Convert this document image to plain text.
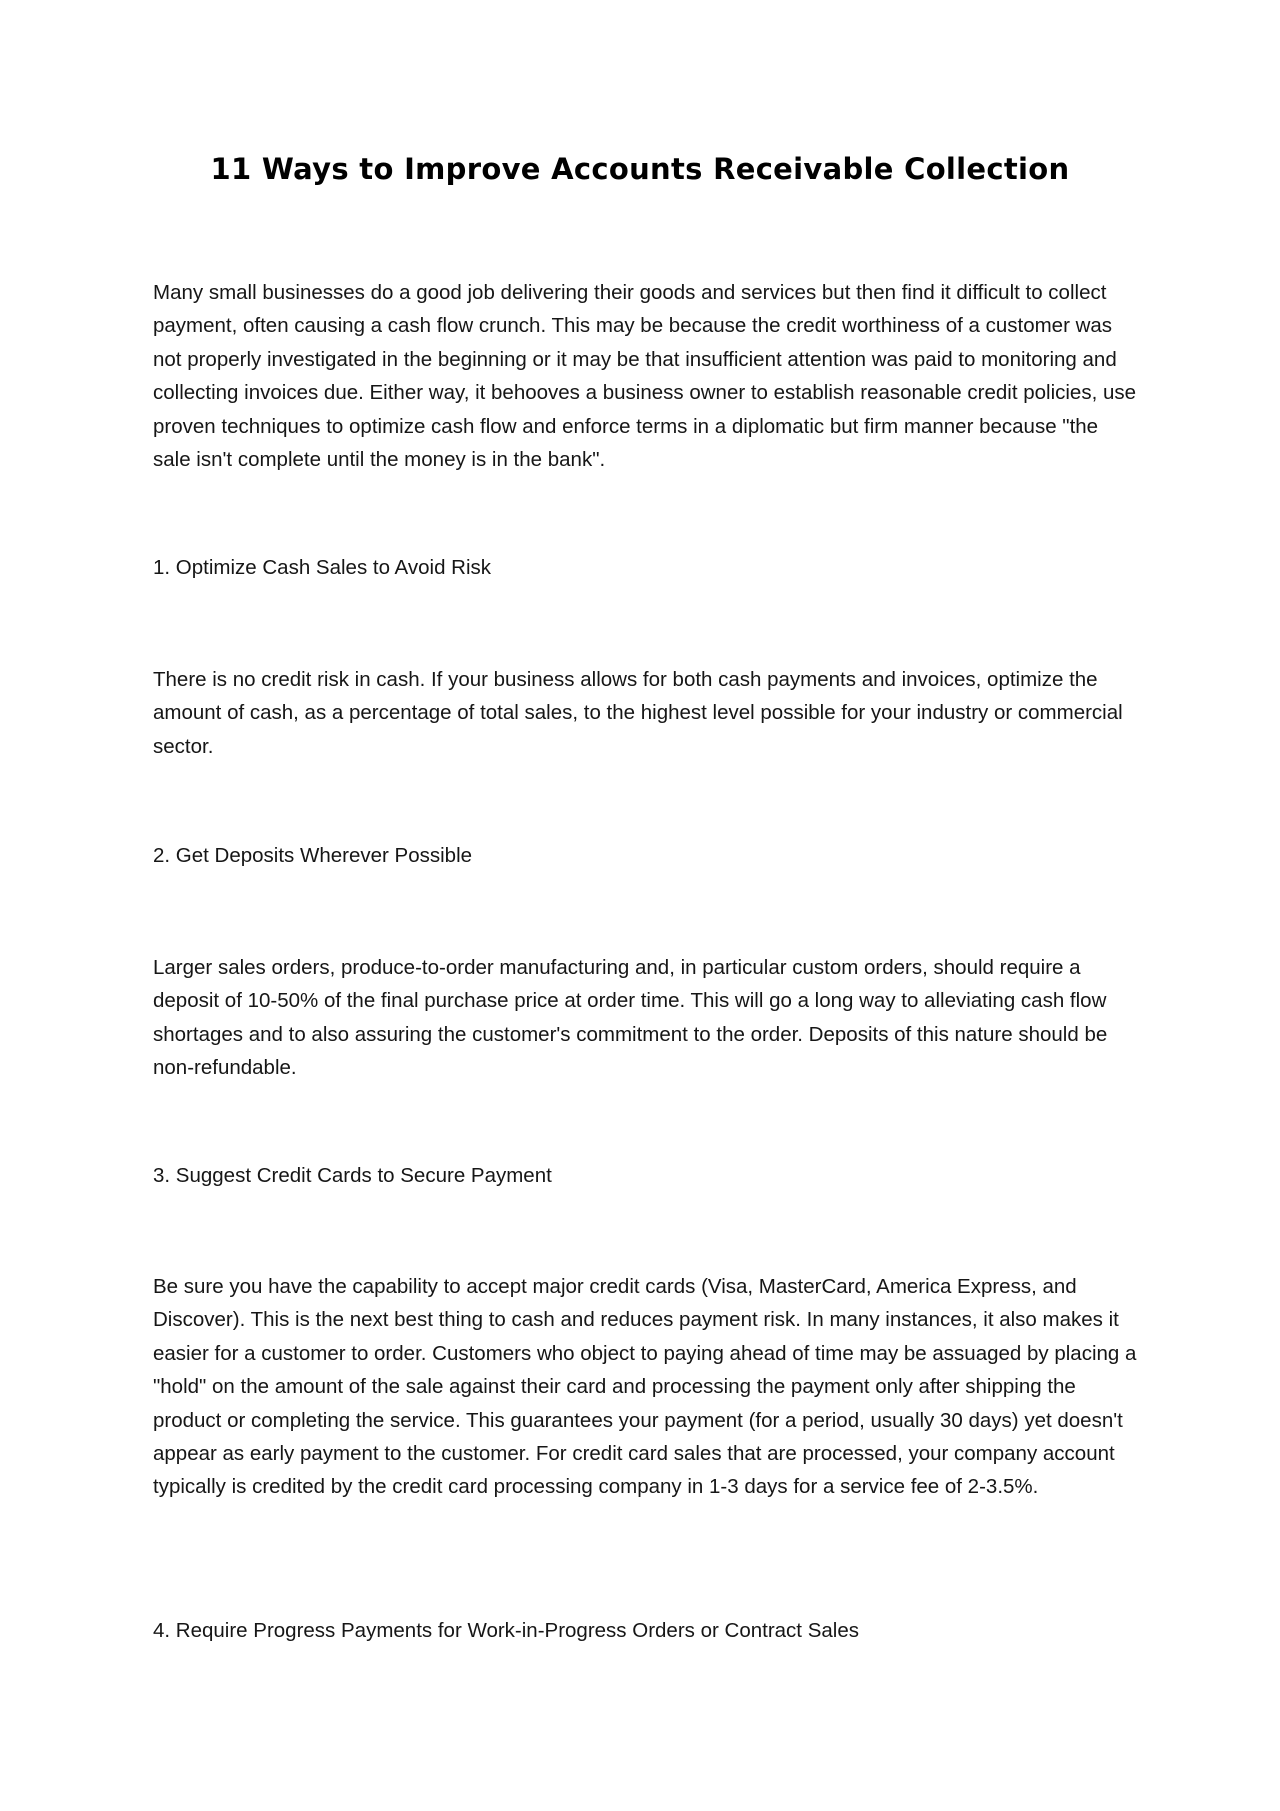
11 Ways to Improve Accounts Receivable Collection

Many small businesses do a good job delivering their goods and services but then find it difficult to collect payment, often causing a cash flow crunch. This may be because the credit worthiness of a customer was not properly investigated in the beginning or it may be that insufficient attention was paid to monitoring and collecting invoices due. Either way, it behooves a business owner to establish reasonable credit policies, use proven techniques to optimize cash flow and enforce terms in a diplomatic but firm manner because "the sale isn't complete until the money is in the bank".

1. Optimize Cash Sales to Avoid Risk

There is no credit risk in cash. If your business allows for both cash payments and invoices, optimize the amount of cash, as a percentage of total sales, to the highest level possible for your industry or commercial sector.

2. Get Deposits Wherever Possible

Larger sales orders, produce-to-order manufacturing and, in particular custom orders, should require a deposit of 10-50% of the final purchase price at order time. This will go a long way to alleviating cash flow shortages and to also assuring the customer's commitment to the order. Deposits of this nature should be non-refundable.

3. Suggest Credit Cards to Secure Payment

Be sure you have the capability to accept major credit cards (Visa, MasterCard, America Express, and Discover). This is the next best thing to cash and reduces payment risk. In many instances, it also makes it easier for a customer to order. Customers who object to paying ahead of time may be assuaged by placing a "hold" on the amount of the sale against their card and processing the payment only after shipping the product or completing the service. This guarantees your payment (for a period, usually 30 days) yet doesn't appear as early payment to the customer. For credit card sales that are processed, your company account typically is credited by the credit card processing company in 1-3 days for a service fee of 2-3.5%.

4. Require Progress Payments for Work-in-Progress Orders or Contract Sales
